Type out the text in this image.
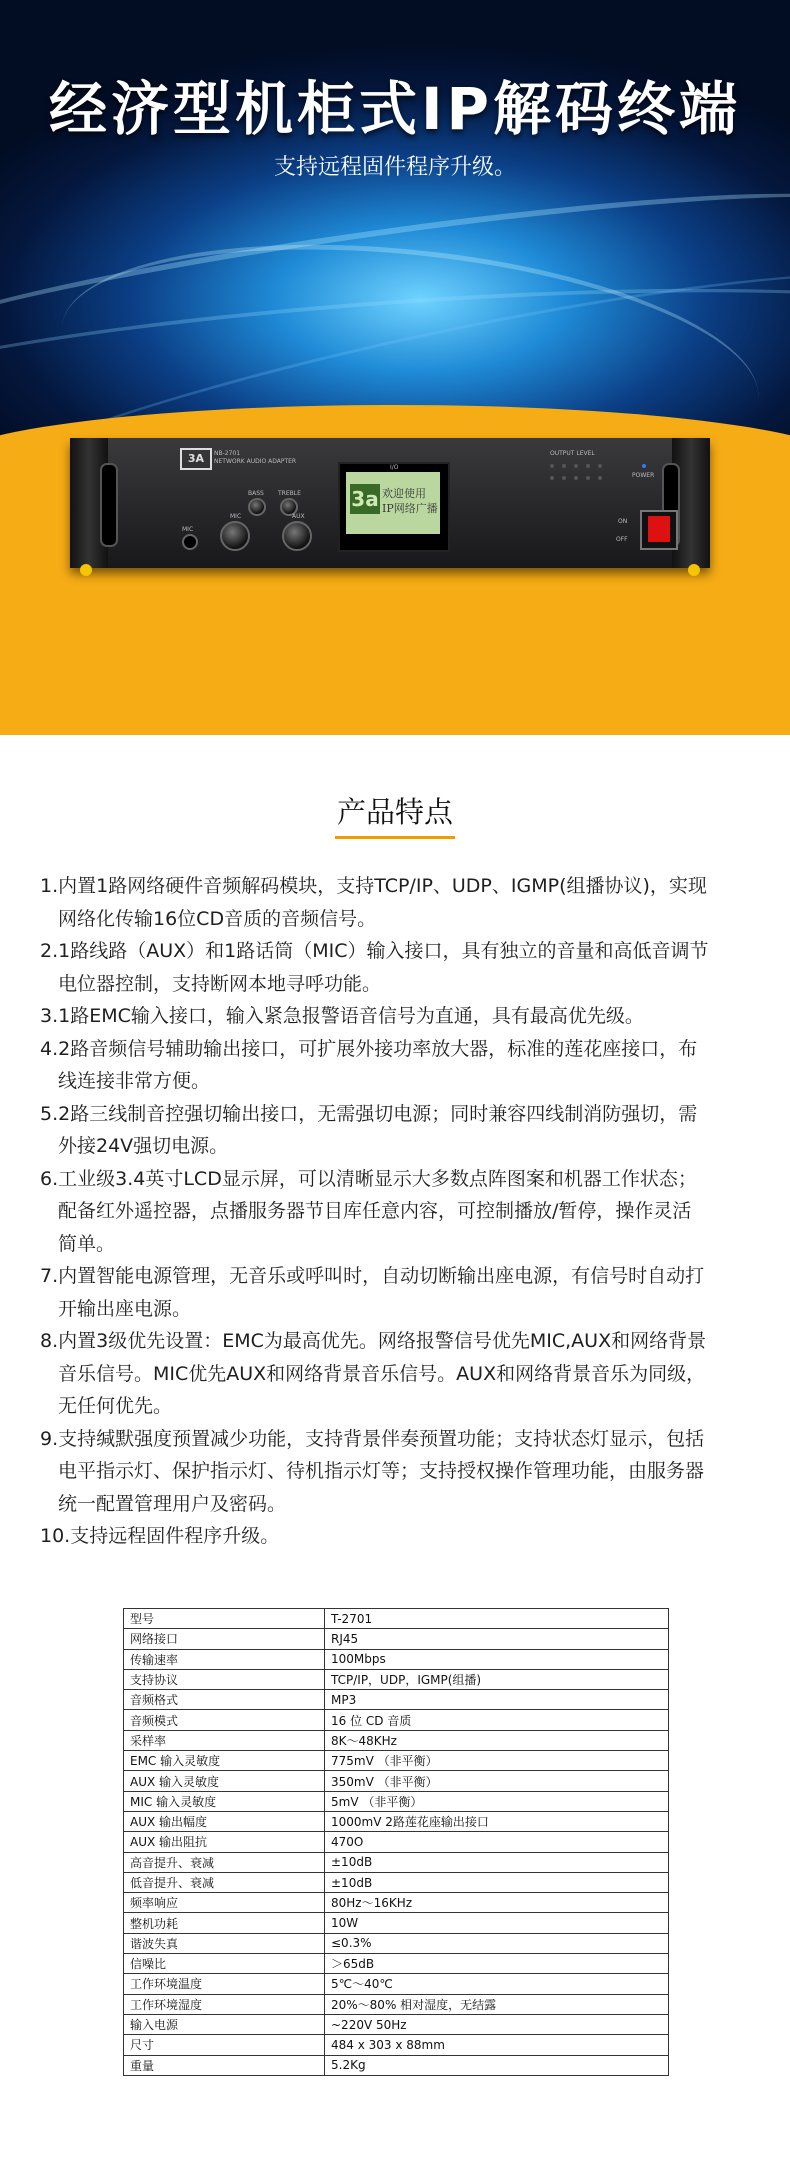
经济型机柜式IP解码终端
支持远程固件程序升级。
3A	NB-2701
NETWORK AUDIO ADAPTER
BASS TREBLE
MIC	AUX
MIC
I/O
3a 欢迎使用
IP网络广播
OUTPUT LEVEL
POWER
ON
OFF
产品特点
1.内置1路网络硬件音频解码模块，支持TCP/IP、UDP、IGMP(组播协议)，实现
网络化传输16位CD音质的音频信号。
2.1路线路（AUX）和1路话筒（MIC）输入接口，具有独立的音量和高低音调节
电位器控制，支持断网本地寻呼功能。
3.1路EMC输入接口，输入紧急报警语音信号为直通，具有最高优先级。
4.2路音频信号辅助输出接口，可扩展外接功率放大器，标准的莲花座接口，布
线连接非常方便。
5.2路三线制音控强切输出接口，无需强切电源；同时兼容四线制消防强切，需
外接24V强切电源。
6.工业级3.4英寸LCD显示屏，可以清晰显示大多数点阵图案和机器工作状态；
配备红外遥控器，点播服务器节目库任意内容，可控制播放/暂停，操作灵活
简单。
7.内置智能电源管理，无音乐或呼叫时，自动切断输出座电源，有信号时自动打
开输出座电源。
8.内置3级优先设置：EMC为最高优先。网络报警信号优先MIC,AUX和网络背景
音乐信号。MIC优先AUX和网络背景音乐信号。AUX和网络背景音乐为同级，
无任何优先。
9.支持缄默强度预置减少功能，支持背景伴奏预置功能；支持状态灯显示，包括
电平指示灯、保护指示灯、待机指示灯等；支持授权操作管理功能，由服务器
统一配置管理用户及密码。
10.支持远程固件程序升级。
型号	T-2701
网络接口	RJ45
传输速率	100Mbps
支持协议	TCP/IP，UDP，IGMP(组播)
音频格式	MP3
音频模式	16 位 CD 音质
采样率	8K～48KHz
EMC 输入灵敏度	775mV （非平衡）
AUX 输入灵敏度	350mV （非平衡）
MIC 输入灵敏度	5mV （非平衡）
AUX 输出幅度	1000mV 2路莲花座输出接口
AUX 输出阻抗	470O
高音提升、衰减	±10dB
低音提升、衰减	±10dB
频率响应	80Hz～16KHz
整机功耗	10W
谐波失真	≤0.3%
信噪比	＞65dB
工作环境温度	5℃～40℃
工作环境湿度	20%～80% 相对湿度，无结露
输入电源	~220V 50Hz
尺寸	484 x 303 x 88mm
重量	5.2Kg
